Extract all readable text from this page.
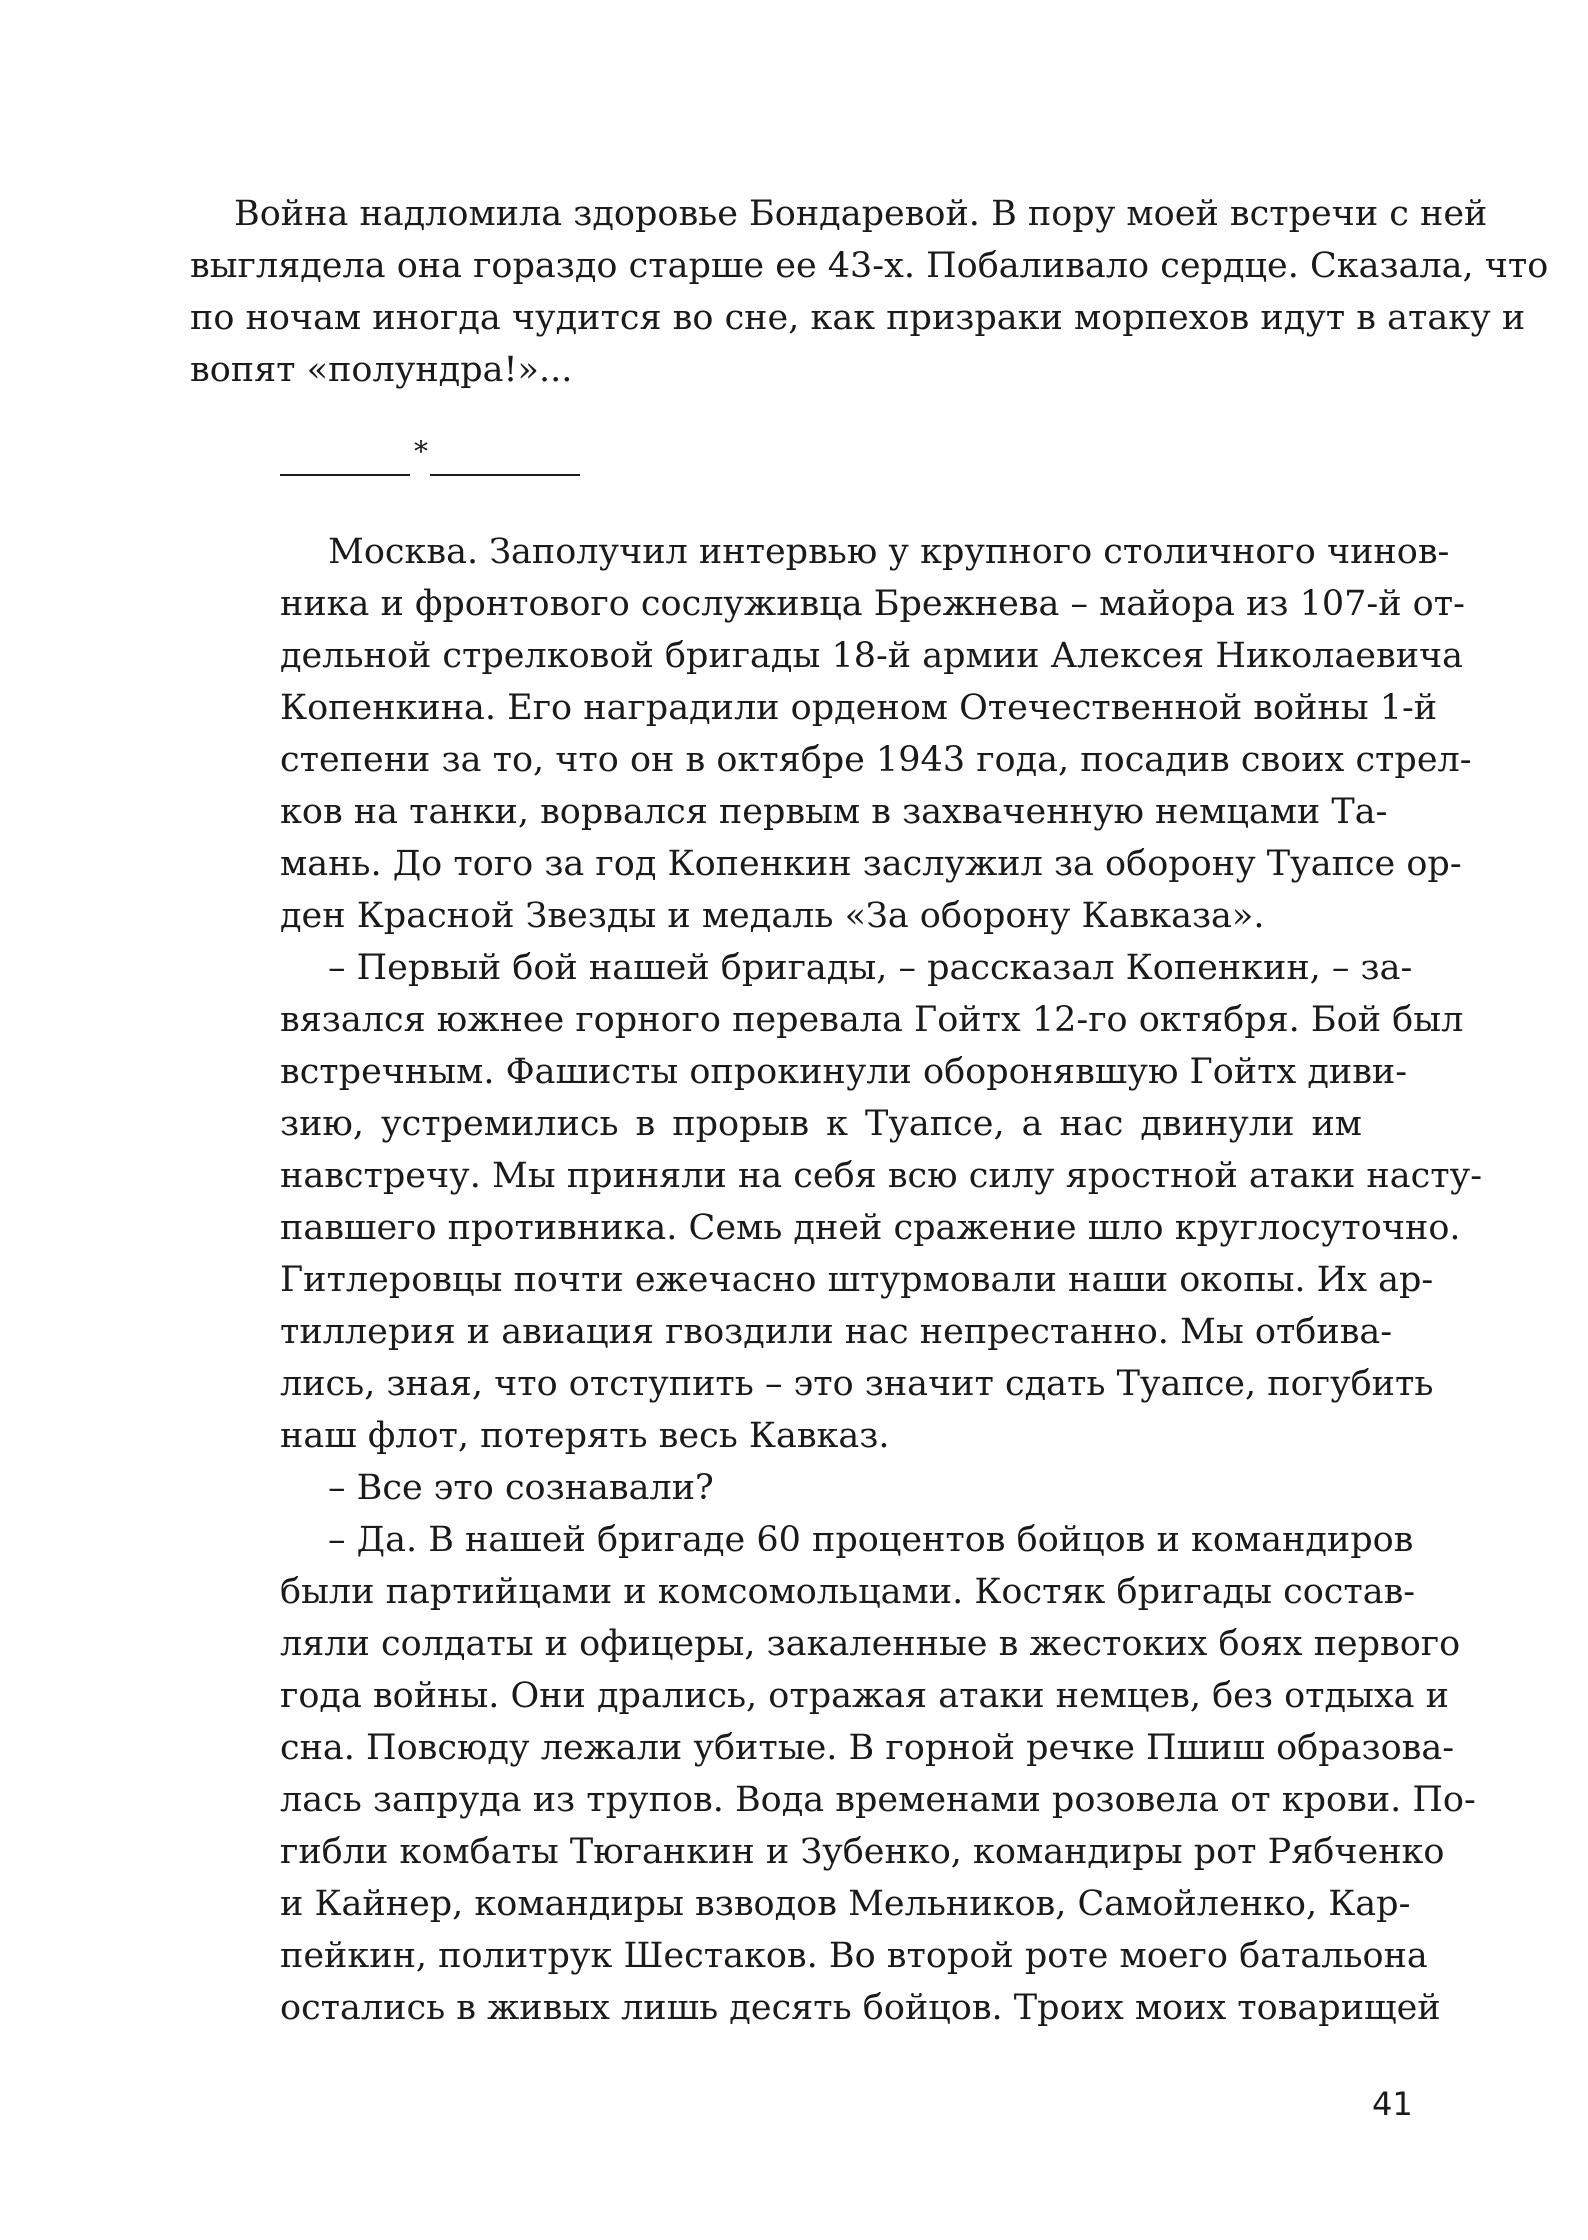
Война надломила здоровье Бондаревой. В пору моей встречи с ней
выглядела она гораздо старше ее 43-х. Побаливало сердце. Сказала, что
по ночам иногда чудится во сне, как призраки морпехов идут в атаку и
вопят «полундра!»...
*
Москва. Заполучил интервью у крупного столичного чинов-
ника и фронтового сослуживца Брежнева – майора из 107-й от-
дельной стрелковой бригады 18-й армии Алексея Николаевича
Копенкина. Его наградили орденом Отечественной войны 1-й
степени за то, что он в октябре 1943 года, посадив своих стрел-
ков на танки, ворвался первым в захваченную немцами Та-
мань. До того за год Копенкин заслужил за оборону Туапсе ор-
ден Красной Звезды и медаль «За оборону Кавказа».
– Первый бой нашей бригады, – рассказал Копенкин, – за-
вязался южнее горного перевала Гойтх 12-го октября. Бой был
встречным. Фашисты опрокинули оборонявшую Гойтх диви-
зию, устремились в прорыв к Туапсе, а нас двинули им
навстречу. Мы приняли на себя всю силу яростной атаки насту-
павшего противника. Семь дней сражение шло круглосуточно.
Гитлеровцы почти ежечасно штурмовали наши окопы. Их ар-
тиллерия и авиация гвоздили нас непрестанно. Мы отбива-
лись, зная, что отступить – это значит сдать Туапсе, погубить
наш флот, потерять весь Кавказ.
– Все это сознавали?
– Да. В нашей бригаде 60 процентов бойцов и командиров
были партийцами и комсомольцами. Костяк бригады состав-
ляли солдаты и офицеры, закаленные в жестоких боях первого
года войны. Они дрались, отражая атаки немцев, без отдыха и
сна. Повсюду лежали убитые. В горной речке Пшиш образова-
лась запруда из трупов. Вода временами розовела от крови. По-
гибли комбаты Тюганкин и Зубенко, командиры рот Рябченко
и Кайнер, командиры взводов Мельников, Самойленко, Кар-
пейкин, политрук Шестаков. Во второй роте моего батальона
остались в живых лишь десять бойцов. Троих моих товарищей
41
